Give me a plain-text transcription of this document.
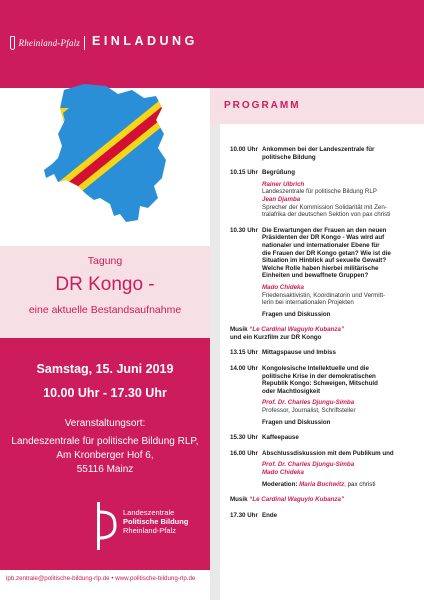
Rheinland-Pfalz EINLADUNG
Tagung
DR Kongo -
eine aktuelle Bestandsaufnahme
Samstag, 15. Juni 2019
10.00 Uhr - 17.30 Uhr
Veranstaltungsort:
Landeszentrale für politische Bildung RLP,
Am Kronberger Hof 6,
55116 Mainz
Landeszentrale
Politische Bildung
Rheinland-Pfalz
lpb.zentrale@politische-bildung-rlp.de • www.politische-bildung-rlp.de
PROGRAMM
10.00 Uhr Ankommen bei der Landeszentrale für
politische Bildung
10.15 Uhr Begrüßung
Rainer Ulbrich
Landeszentrale für politische Bildung RLP
Jean Djamba
Sprecher der Kommission Solidarität mit Zen-
tralafrika der deutschen Sektion von pax christi
10.30 Uhr Die Erwartungen der Frauen an den neuen
Präsidenten der DR Kongo - Was wird auf
nationaler und internationaler Ebene für
die Frauen der DR Kongo getan? Wie ist die
Situation im Hinblick auf sexuelle Gewalt?
Welche Rolle haben hierbei militärische
Einheiten und bewaffnete Gruppen?
Mado Chideka
Friedensaktivistin, Koordinatorin und Vermitt-
lerin bei internationalen Projekten
Fragen und Diskussion
Musik “Le Cardinal Waguylo Kubanza”
und ein Kurzfilm zur DR Kongo
13.15 Uhr Mittagspause und Imbiss
14.00 Uhr Kongolesische Intellektuelle und die
politische Krise in der demokratischen
Republik Kongo: Schweigen, Mitschuld
oder Machtlosigkeit
Prof. Dr. Charles Djungu-Simba
Professor, Journalist, Schriftsteller
Fragen und Diskussion
15.30 Uhr Kaffeepause
16.00 Uhr Abschlussdiskussion mit dem Publikum und
Prof. Dr. Charles Djungu-Simba
Mado Chideka
Moderation: Maria Buchwitz, pax christi
Musik “Le Cardinal Waguylo Kubanza”
17.30 Uhr Ende
